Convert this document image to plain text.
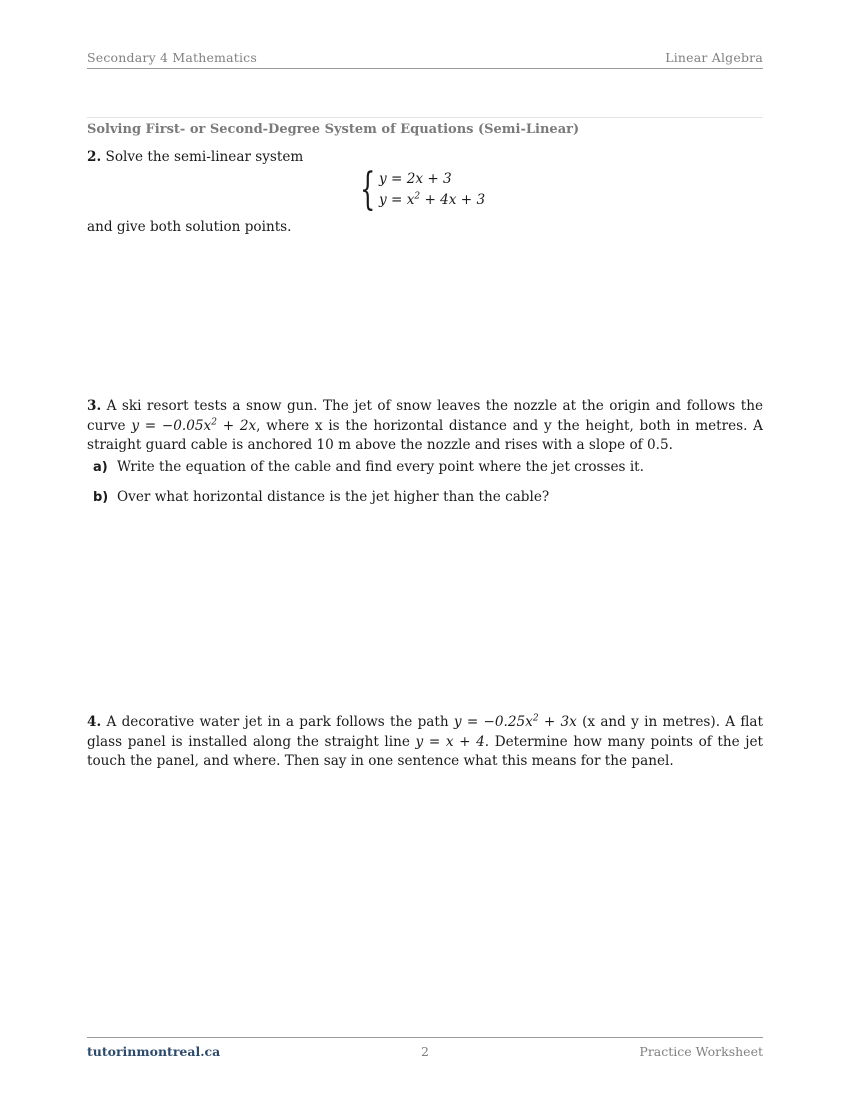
Secondary 4 Mathematics	Linear Algebra
Solving First- or Second-Degree System of Equations (Semi-Linear)
2. Solve the semi-linear system
{ y = 2x + 3
$y = x^2 + 4x + 3$
and give both solution points.
3. A ski resort tests a snow gun. The jet of snow leaves the nozzle at the origin and follows the curve $y = -0.05x^2 + 2x$, where x is the horizontal distance and y the height, both in metres. A straight guard cable is anchored 10 m above the nozzle and rises with a slope of 0.5.
a) Write the equation of the cable and find every point where the jet crosses it.
b) Over what horizontal distance is the jet higher than the cable?
4. A decorative water jet in a park follows the path $y = -0.25x^2 + 3x$ (x and y in metres). A flat glass panel is installed along the straight line y = x + 4. Determine how many points of the jet touch the panel, and where. Then say in one sentence what this means for the panel.
tutorinmontreal.ca	2	Practice Worksheet
